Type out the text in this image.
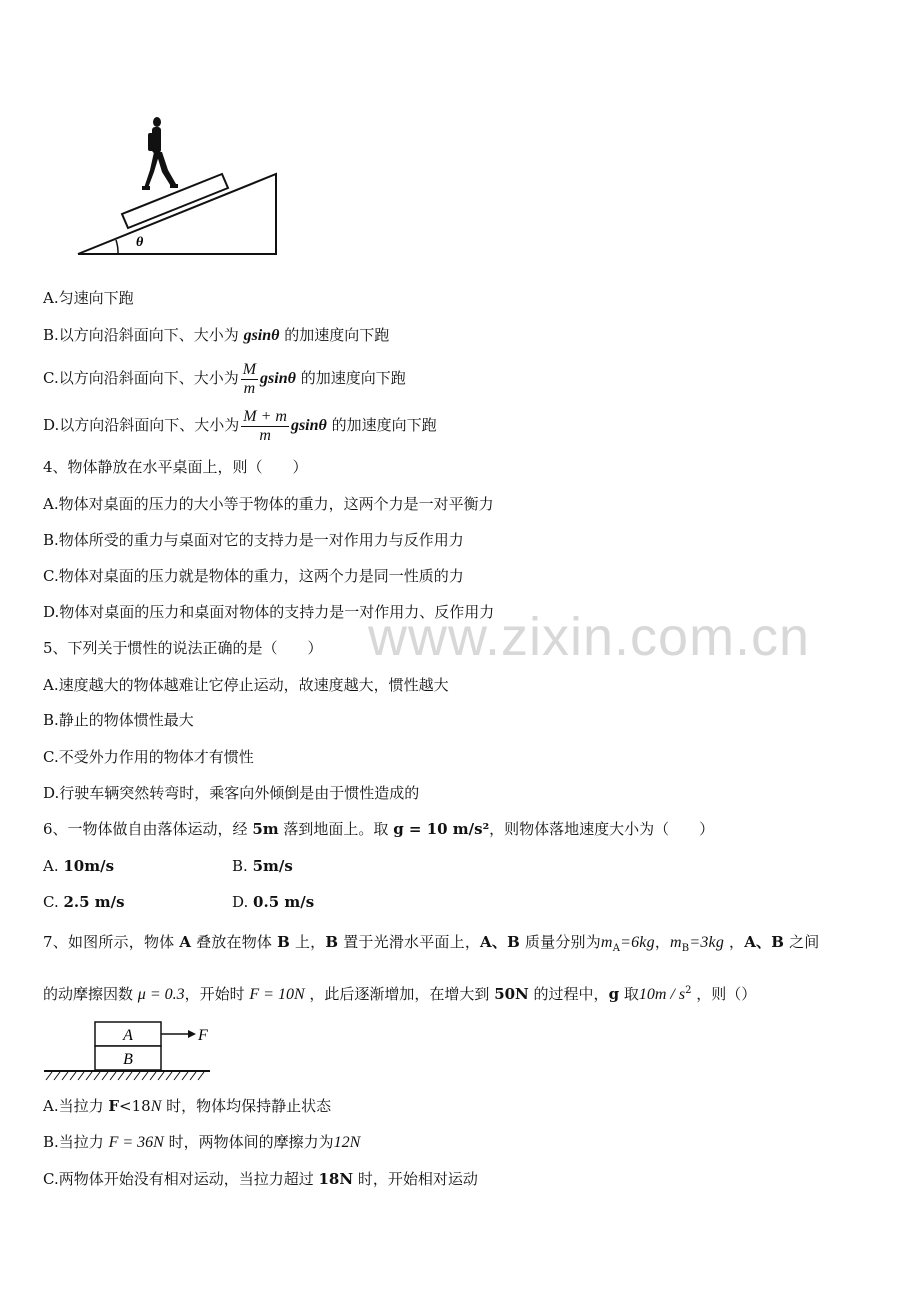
www.zixin.com.cn
θ
A.匀速向下跑
B.以方向沿斜面向下、大小为 gsinθ 的加速度向下跑
C.以方向沿斜面向下、大小为 $\frac{M}{m}$ gsinθ 的加速度向下跑
D.以方向沿斜面向下、大小为 $\frac{M + m}{m}$ gsinθ 的加速度向下跑
4、物体静放在水平桌面上，则（　　）
A.物体对桌面的压力的大小等于物体的重力，这两个力是一对平衡力
B.物体所受的重力与桌面对它的支持力是一对作用力与反作用力
C.物体对桌面的压力就是物体的重力，这两个力是同一性质的力
D.物体对桌面的压力和桌面对物体的支持力是一对作用力、反作用力
5、下列关于惯性的说法正确的是（　　）
A.速度越大的物体越难让它停止运动，故速度越大，惯性越大
B.静止的物体惯性最大
C.不受外力作用的物体才有惯性
D.行驶车辆突然转弯时，乘客向外倾倒是由于惯性造成的
6、一物体做自由落体运动，经 5m 落到地面上。取 g = 10 m/s²，则物体落地速度大小为（　　）
A. 10m/s	B. 5m/s
C. 2.5 m/s	D. 0.5 m/s
7、如图所示，物体 A 叠放在物体 B 上，B 置于光滑水平面上，A、B 质量分别为$m_A=6kg$，$m_B=3kg$ ，A、B 之间
的动摩擦因数 μ = 0.3，开始时 F = 10N ，此后逐渐增加，在增大到 50N 的过程中，g 取$10m / s^2$ ，则（）
A
B
F
A.当拉力 F<18N 时，物体均保持静止状态
B.当拉力 F = 36N 时，两物体间的摩擦力为12N
C.两物体开始没有相对运动，当拉力超过 18N 时，开始相对运动
